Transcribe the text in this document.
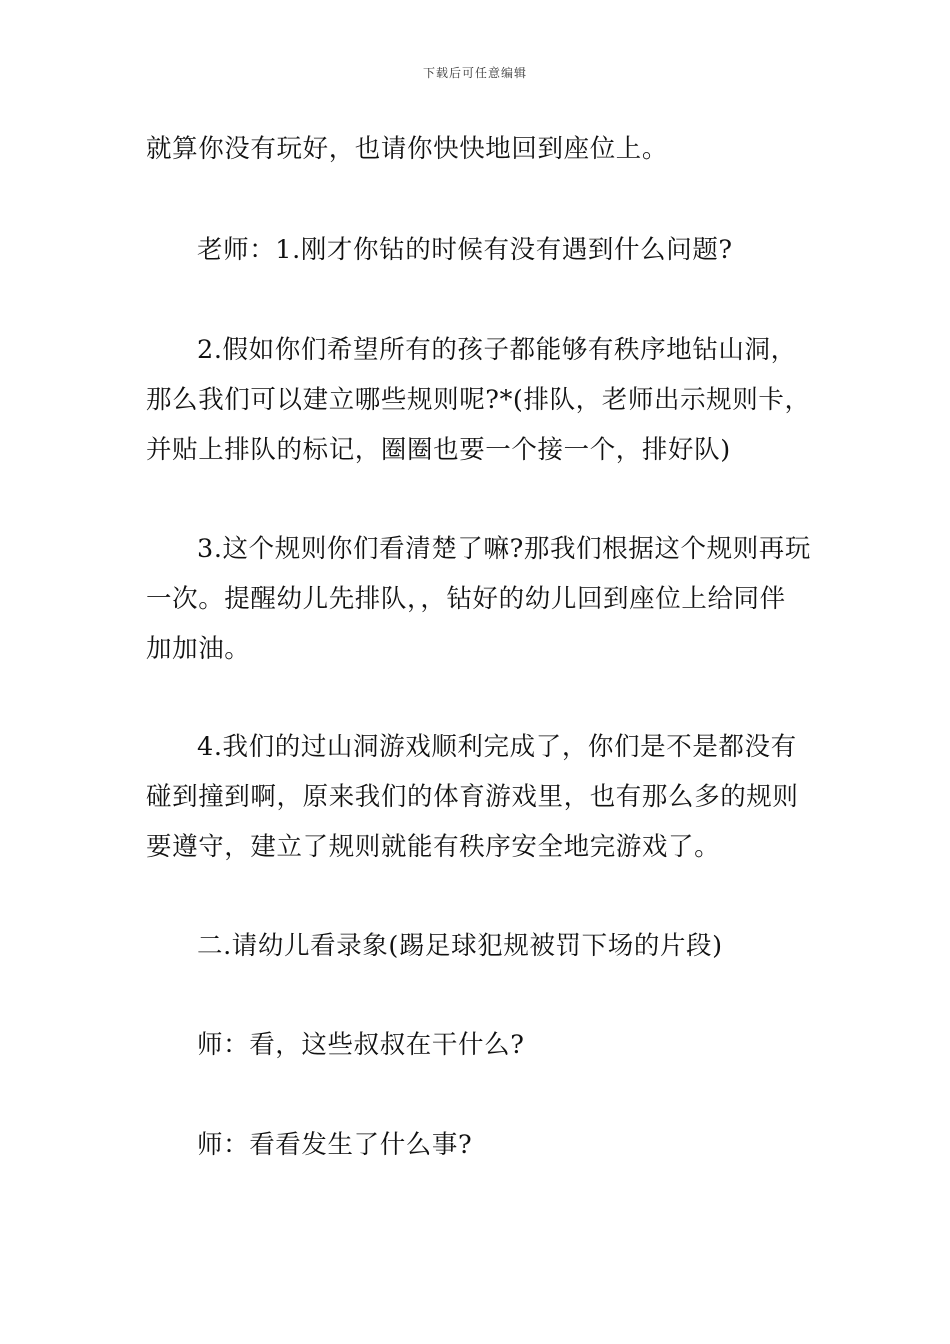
下载后可任意编辑

就算你没有玩好，也请你快快地回到座位上。

老师：1.刚才你钻的时候有没有遇到什么问题?

2.假如你们希望所有的孩子都能够有秩序地钻山洞，那么我们可以建立哪些规则呢?*(排队，老师出示规则卡，并贴上排队的标记，圈圈也要一个接一个，排好队)

3.这个规则你们看清楚了嘛?那我们根据这个规则再玩一次。提醒幼儿先排队，，钻好的幼儿回到座位上给同伴加加油。

4.我们的过山洞游戏顺利完成了，你们是不是都没有碰到撞到啊，原来我们的体育游戏里，也有那么多的规则要遵守，建立了规则就能有秩序安全地完游戏了。

二.请幼儿看录象(踢足球犯规被罚下场的片段)

师：看，这些叔叔在干什么?

师：看看发生了什么事?
